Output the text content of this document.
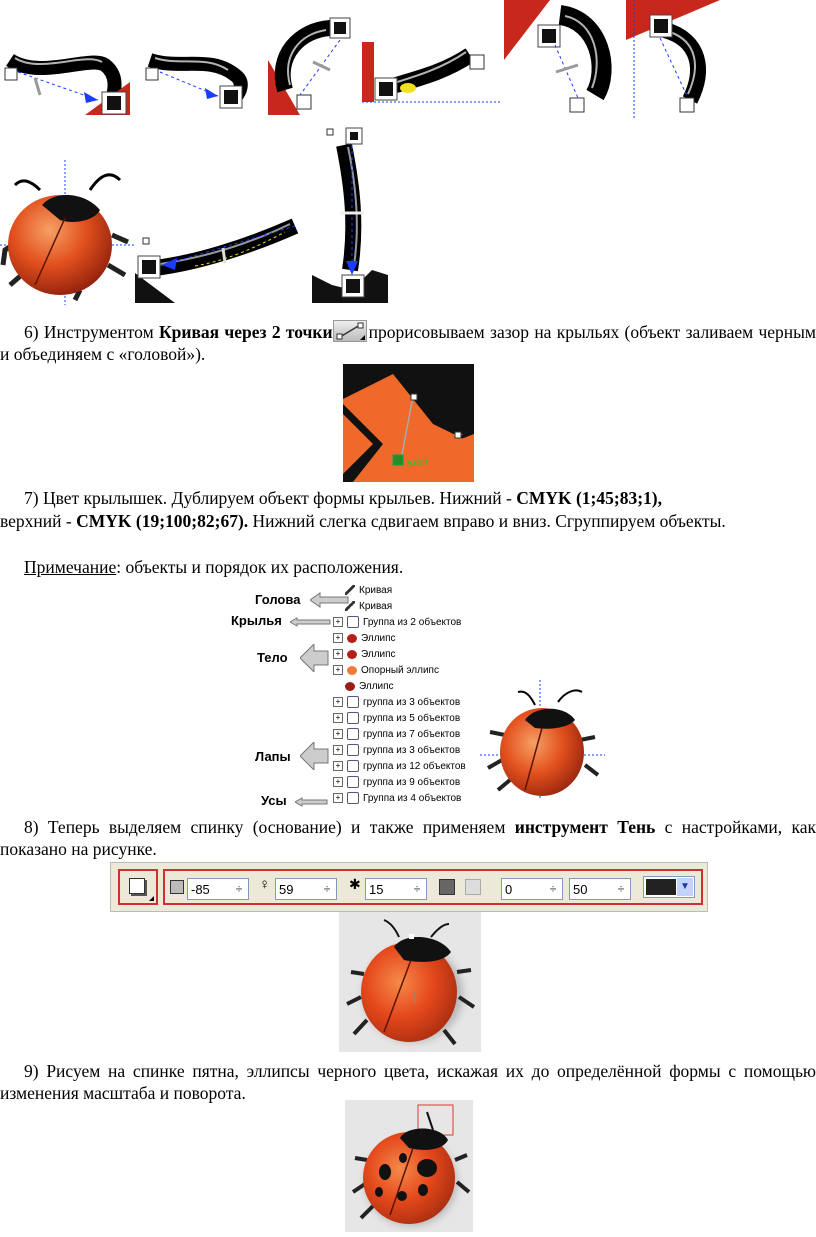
6) Инструментом Кривая через 2 точки прорисовываем зазор на крыльях (объект заливаем черным и объединяем с «головой»).
узел
7) Цвет крылышек. Дублируем объект формы крыльев. Нижний - CMYK (1;45;83;1),
верхний - CMYK (19;100;82;67). Нижний слегка сдвигаем вправо и вниз. Сгруппируем объекты.
Примечание: объекты и порядок их расположения.
Голова
Крылья
Тело
Лапы
Усы
Кривая
Кривая
+ Группа из 2 объектов
+ Эллипс
+ Эллипс
+ Опорный эллипс
Эллипс
+ группа из 3 объектов
+ группа из 5 объектов
+ группа из 7 объектов
+ группа из 3 объектов
+ группа из 12 объектов
+ группа из 9 объектов
+ Группа из 4 объектов
8) Теперь выделяем спинку (основание) и также применяем инструмент Тень с настройками, как показано на рисунке.
-85	÷ ♀ 59	÷ ✱ 15	÷	0	÷	50	÷	▼
9) Рисуем на спинке пятна, эллипсы черного цвета, искажая их до определённой формы с помощью изменения масштаба и поворота.
